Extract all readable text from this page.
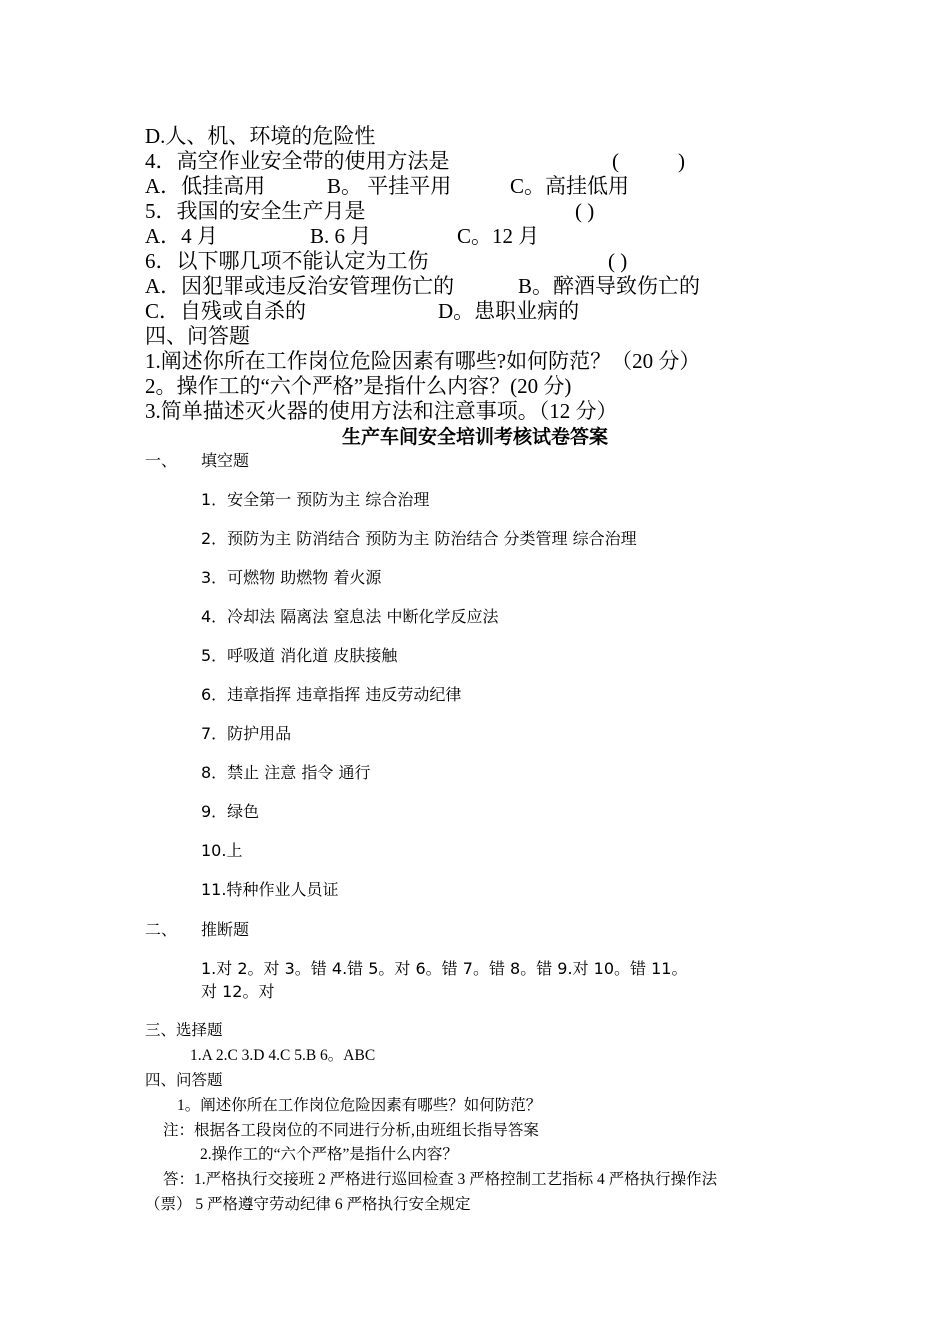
D.人、机、环境的危险性
4．高空作业安全带的使用方法是	(	)
A．低挂高用	B。 平挂平用	C。高挂低用
5．我国的安全生产月是	( )
A．4 月	B. 6 月	C。12 月
6．以下哪几项不能认定为工伤	( )
A．因犯罪或违反治安管理伤亡的	B。醉酒导致伤亡的
C．自残或自杀的	D。患职业病的
四、问答题
1.阐述你所在工作岗位危险因素有哪些?如何防范？（20 分）
2。操作工的“六个严格”是指什么内容？(20 分)
3.简单描述灭火器的使用方法和注意事项。（12 分）
生产车间安全培训考核试卷答案
一、 填空题
1．安全第一 预防为主 综合治理
2．预防为主 防消结合 预防为主 防治结合 分类管理 综合治理
3．可燃物 助燃物 着火源
4．冷却法 隔离法 窒息法 中断化学反应法
5．呼吸道 消化道 皮肤接触
6．违章指挥 违章指挥 违反劳动纪律
7．防护用品
8．禁止 注意 指令 通行
9．绿色
10.上
11.特种作业人员证
二、 推断题
1.对 2。对 3。错 4.错 5。对 6。错 7。错 8。错 9.对 10。错 11。
对 12。对
三、选择题
1.A 2.C 3.D 4.C 5.B 6。ABC
四、问答题
1。阐述你所在工作岗位危险因素有哪些？如何防范？
注：根据各工段岗位的不同进行分析,由班组长指导答案
2.操作工的“六个严格”是指什么内容？
答：1.严格执行交接班 2 严格进行巡回检查 3 严格控制工艺指标 4 严格执行操作法
（票） 5 严格遵守劳动纪律 6 严格执行安全规定
